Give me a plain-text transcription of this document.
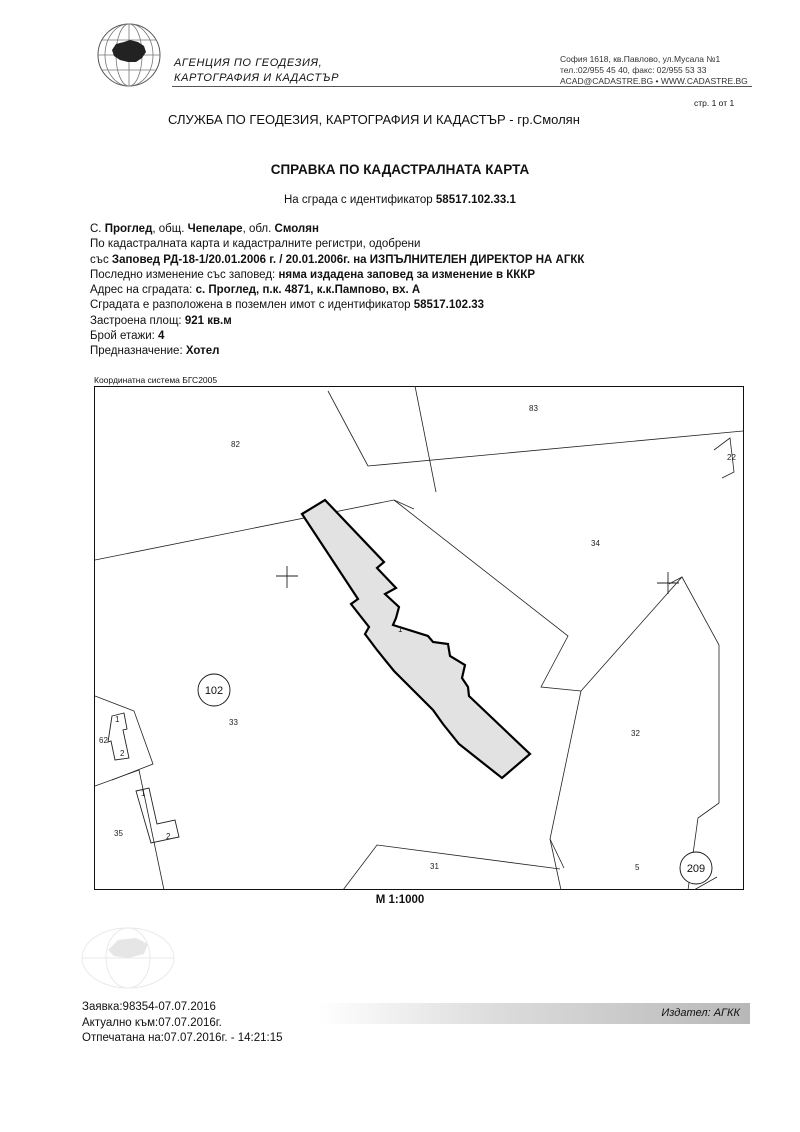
АГЕНЦИЯ ПО ГЕОДЕЗИЯ,
КАРТОГРАФИЯ И КАДАСТЪР
София 1618, кв.Павлово, ул.Мусала №1
тел.:02/955 45 40, факс: 02/955 53 33
ACAD@CADASTRE.BG • WWW.CADASTRE.BG
стр. 1 от 1
СЛУЖБА ПО ГЕОДЕЗИЯ, КАРТОГРАФИЯ И КАДАСТЪР - гр.Смолян
СПРАВКА ПО КАДАСТРАЛНАТА КАРТА
На сграда с идентификатор 58517.102.33.1
С. Проглед, общ. Чепеларе, обл. Смолян
По кадастралната карта и кадастралните регистри, одобрени
със Заповед РД-18-1/20.01.2006 г. / 20.01.2006г. на ИЗПЪЛНИТЕЛЕН ДИРЕКТОР НА АГКК
Последно изменение със заповед: няма издадена заповед за изменение в КККР
Адрес на сградата: с. Проглед, п.к. 4871, к.к.Пампово, вх. А
Сградата е разположена в поземлен имот с идентификатор 58517.102.33
Застроена площ: 921 кв.м
Брой етажи: 4
Предназначение: Хотел
Координатна система БГС2005
82
83
22
34
1
32
33
62
1
2
1
2
35
31	5
102
209
М 1:1000
Заявка:98354-07.07.2016
Актуално към:07.07.2016г.
Отпечатана на:07.07.2016г. - 14:21:15
Издател: АГКК
